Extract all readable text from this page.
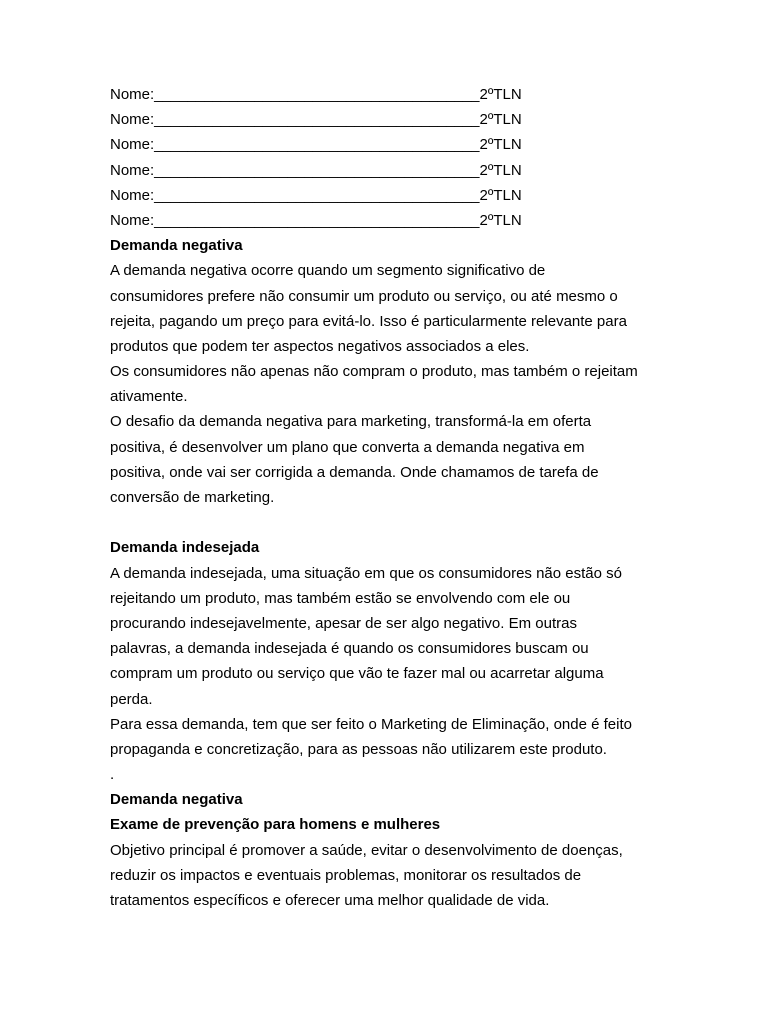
Nome:_______________________________________2ºTLN
Nome:_______________________________________2ºTLN
Nome:_______________________________________2ºTLN
Nome:_______________________________________2ºTLN
Nome:_______________________________________2ºTLN
Nome:_______________________________________2ºTLN
Demanda negativa
A demanda negativa ocorre quando um segmento significativo de
consumidores prefere não consumir um produto ou serviço, ou até mesmo o
rejeita, pagando um preço para evitá-lo. Isso é particularmente relevante para
produtos que podem ter aspectos negativos associados a eles.
Os consumidores não apenas não compram o produto, mas também o rejeitam
ativamente.
O desafio da demanda negativa para marketing, transformá-la em oferta
positiva, é desenvolver um plano que converta a demanda negativa em
positiva, onde vai ser corrigida a demanda. Onde chamamos de tarefa de
conversão de marketing.
Demanda indesejada
A demanda indesejada, uma situação em que os consumidores não estão só
rejeitando um produto, mas também estão se envolvendo com ele ou
procurando indesejavelmente, apesar de ser algo negativo. Em outras
palavras, a demanda indesejada é quando os consumidores buscam ou
compram um produto ou serviço que vão te fazer mal ou acarretar alguma
perda.
Para essa demanda, tem que ser feito o Marketing de Eliminação, onde é feito
propaganda e concretização, para as pessoas não utilizarem este produto.
.
Demanda negativa
Exame de prevenção para homens e mulheres
Objetivo principal é promover a saúde, evitar o desenvolvimento de doenças,
reduzir os impactos e eventuais problemas, monitorar os resultados de
tratamentos específicos e oferecer uma melhor qualidade de vida.
